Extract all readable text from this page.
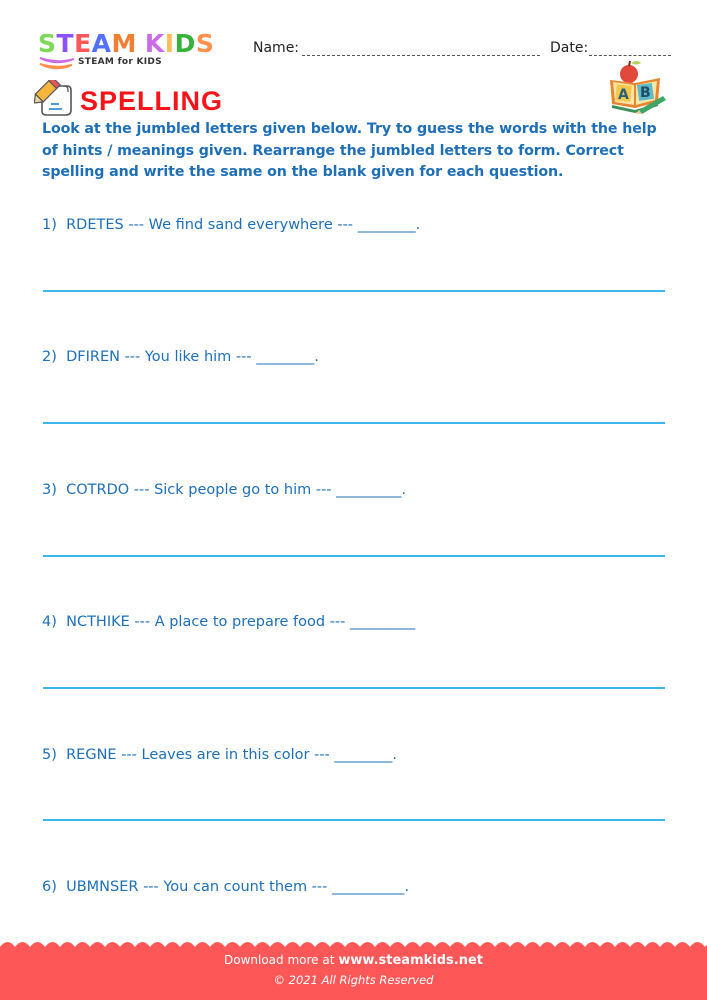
STEAM KIDS
STEAM for KIDS
Name:	Date:
A B
SPELLING
Look at the jumbled letters given below. Try to guess the words with the help of hints / meanings given. Rearrange the jumbled letters to form. Correct spelling and write the same on the blank given for each question.
1)  RDETES --- We find sand everywhere --- ________.
2)  DFIREN --- You like him --- ________.
3)  COTRDO --- Sick people go to him --- _________.
4)  NCTHIKE --- A place to prepare food --- _________
5)  REGNE --- Leaves are in this color --- ________.
6)  UBMNSER --- You can count them --- __________.
Download more at www.steamkids.net
© 2021 All Rights Reserved
